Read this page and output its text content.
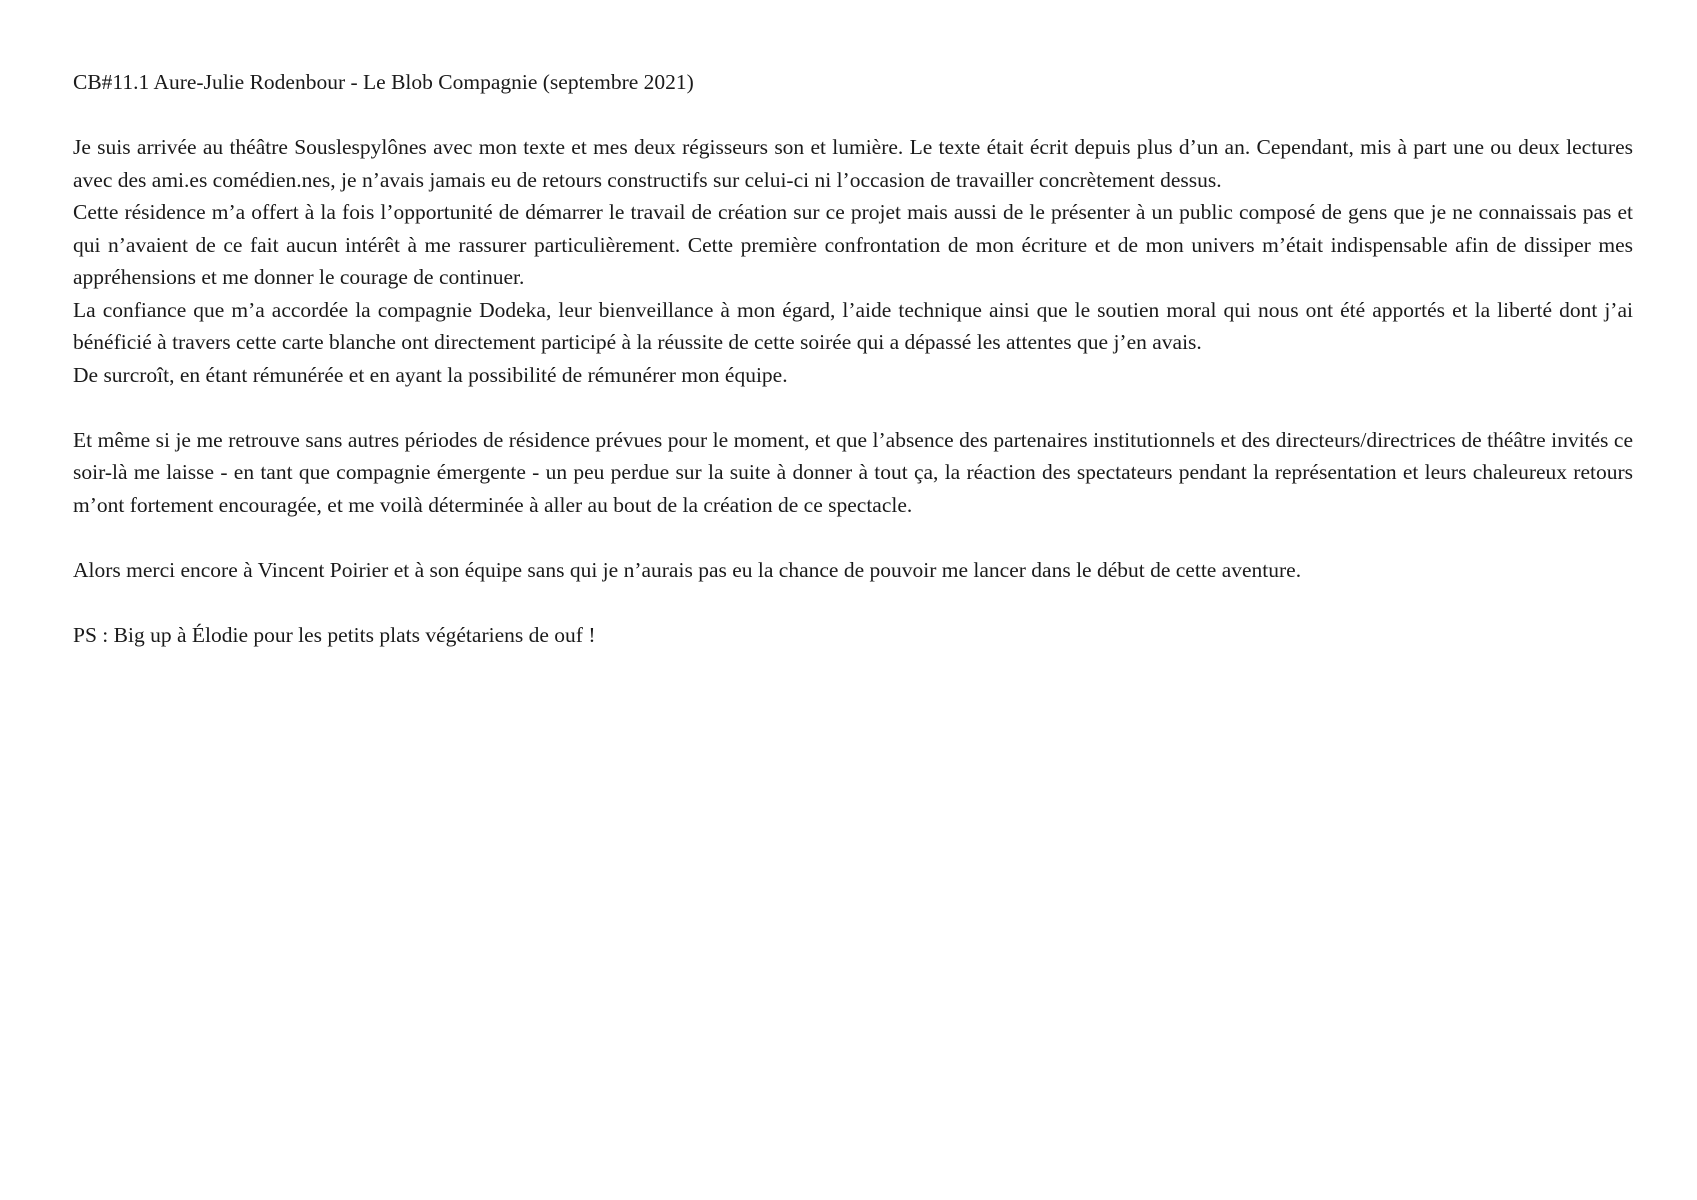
CB#11.1 Aure-Julie Rodenbour - Le Blob Compagnie (septembre 2021)

Je suis arrivée au théâtre Souslespylônes avec mon texte et mes deux régisseurs son et lumière. Le texte était écrit depuis plus d’un an. Cependant, mis à part une ou deux lectures avec des ami.es comédien.nes, je n’avais jamais eu de retours constructifs sur celui-ci ni l’occasion de travailler concrètement dessus.

Cette résidence m’a offert à la fois l’opportunité de démarrer le travail de création sur ce projet mais aussi de le présenter à un public composé de gens que je ne connaissais pas et qui n’avaient de ce fait aucun intérêt à me rassurer particulièrement. Cette première confrontation de mon écriture et de mon univers m’était indispensable afin de dissiper mes appréhensions et me donner le courage de continuer.

La confiance que m’a accordée la compagnie Dodeka, leur bienveillance à mon égard, l’aide technique ainsi que le soutien moral qui nous ont été apportés et la liberté dont j’ai bénéficié à travers cette carte blanche ont directement participé à la réussite de cette soirée qui a dépassé les attentes que j’en avais.

De surcroît, en étant rémunérée et en ayant la possibilité de rémunérer mon équipe.

Et même si je me retrouve sans autres périodes de résidence prévues pour le moment, et que l’absence des partenaires institutionnels et des directeurs/directrices de théâtre invités ce soir-là me laisse - en tant que compagnie émergente - un peu perdue sur la suite à donner à tout ça, la réaction des spectateurs pendant la représentation et leurs chaleureux retours m’ont fortement encouragée, et me voilà déterminée à aller au bout de la création de ce spectacle.

Alors merci encore à Vincent Poirier et à son équipe sans qui je n’aurais pas eu la chance de pouvoir me lancer dans le début de cette aventure.

PS : Big up à Élodie pour les petits plats végétariens de ouf !
